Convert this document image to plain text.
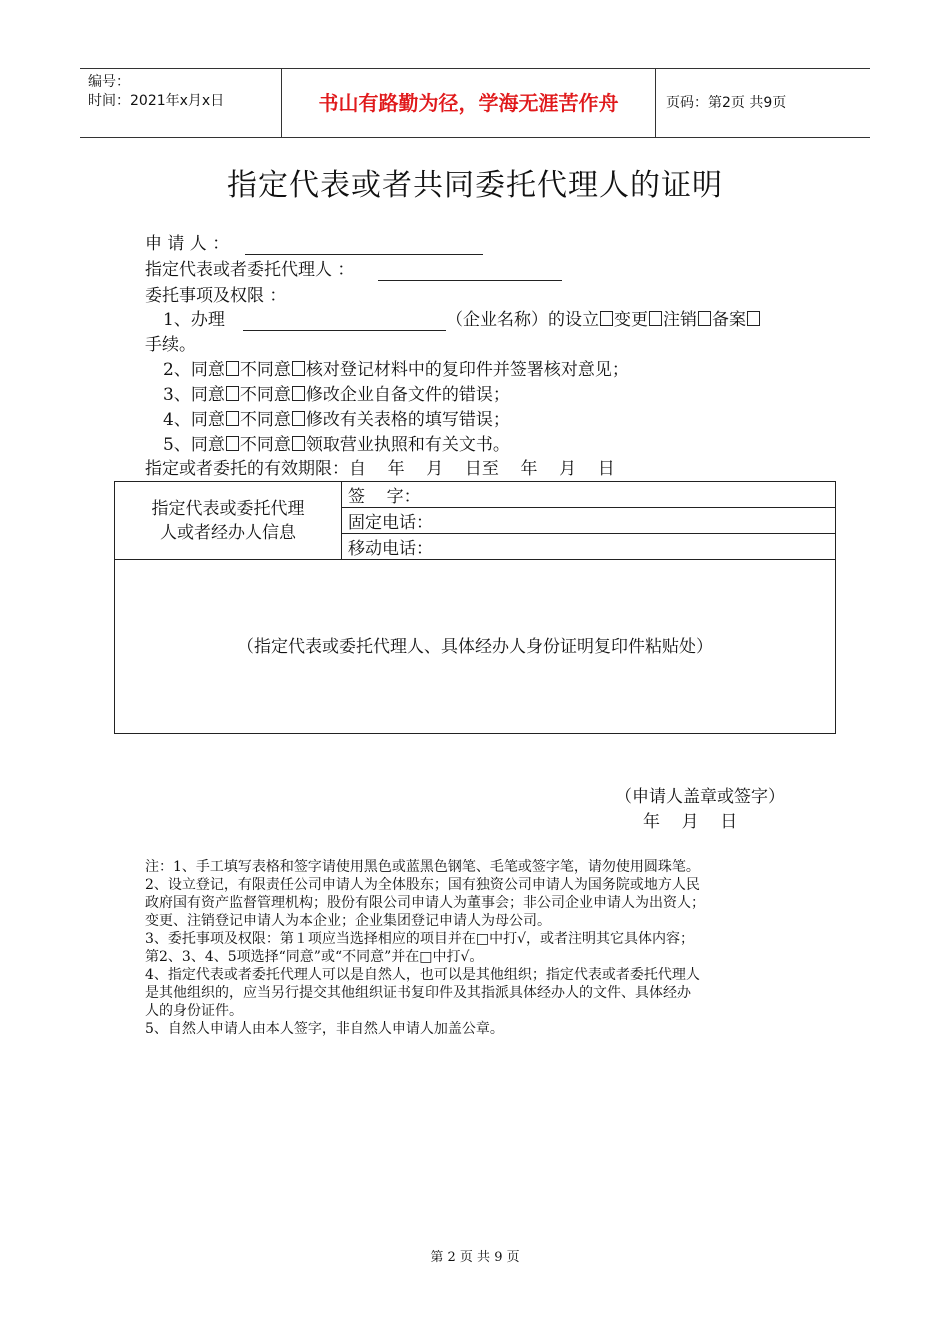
编号：
时间：2021年x月x日	书山有路勤为径，学海无涯苦作舟	页码：第2页 共9页
指定代表或者共同委托代理人的证明
申 请 人 ：
指定代表或者委托代理人 ：
委托事项及权限 ：
1、办理	（企业名称）的设立 变更 注销 备案
手续。
2、同意 不同意 核对登记材料中的复印件并签署核对意见；
3、同意 不同意 修改企业自备文件的错误；
4、同意 不同意 修改有关表格的填写错误；
5、同意 不同意 领取营业执照和有关文书。
指定或者委托的有效期限：自    年    月    日至    年    月    日
指定代表或委托代理
人或者经办人信息
	签    字：
固定电话：
移动电话：
（指定代表或委托代理人、具体经办人身份证明复印件粘贴处）
（申请人盖章或签字）
年    月    日
注：1、手工填写表格和签字请使用黑色或蓝黑色钢笔、毛笔或签字笔，请勿使用圆珠笔。
2、设立登记，有限责任公司申请人为全体股东；国有独资公司申请人为国务院或地方人民
政府国有资产监督管理机构；股份有限公司申请人为董事会；非公司企业申请人为出资人；
变更、注销登记申请人为本企业；企业集团登记申请人为母公司。
3、委托事项及权限：第１项应当选择相应的项目并在□中打√，或者注明其它具体内容；
第2、3、4、5项选择“同意”或“不同意”并在□中打√。
4、指定代表或者委托代理人可以是自然人，也可以是其他组织；指定代表或者委托代理人
是其他组织的，应当另行提交其他组织证书复印件及其指派具体经办人的文件、具体经办
人的身份证件。
5、自然人申请人由本人签字，非自然人申请人加盖公章。
第 2 页 共 9 页
